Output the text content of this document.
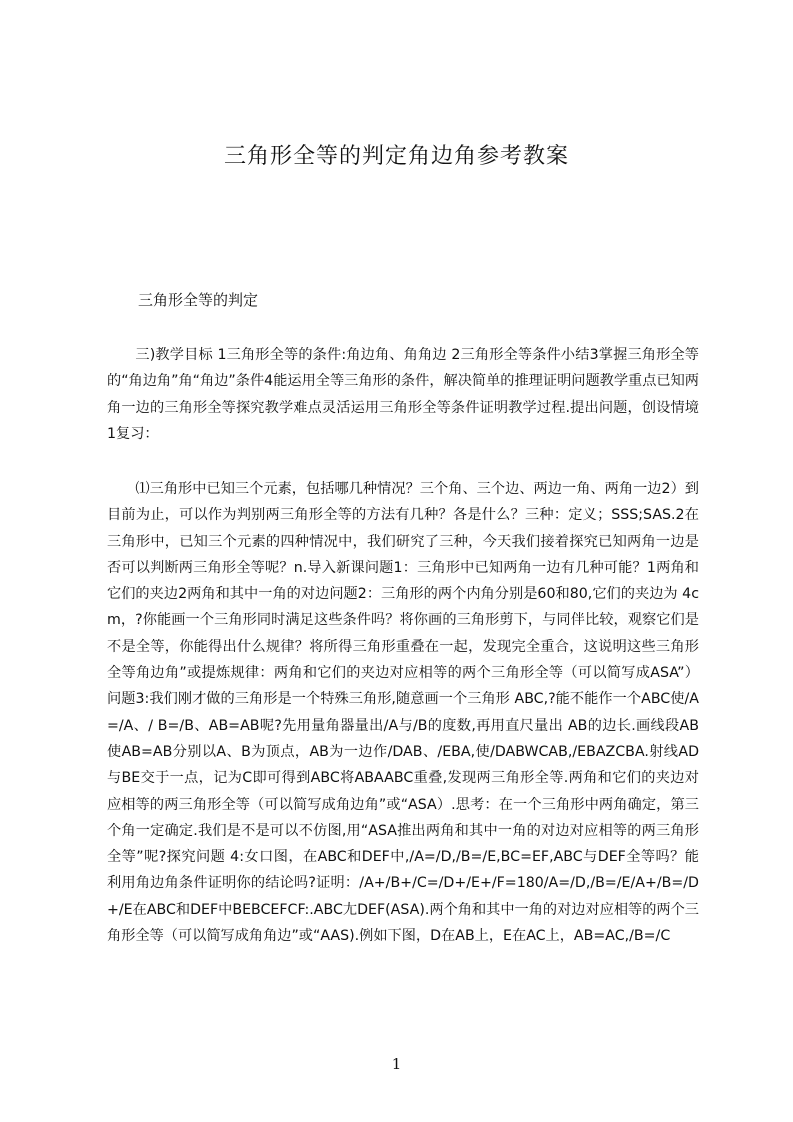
三角形全等的判定角边角参考教案
三角形全等的判定
三)教学目标 1三角形全等的条件:角边角、角角边 2三角形全等条件小结3掌握三角形全等的“角边角”角“角边”条件4能运用全等三角形的条件，解决简单的推理证明问题教学重点已知两角一边的三角形全等探究教学难点灵活运用三角形全等条件证明教学过程.提出问题，创设情境1复习：
⑴三角形中已知三个元素，包括哪几种情况？三个角、三个边、两边一角、两角一边2）到目前为止，可以作为判别两三角形全等的方法有几种？各是什么？三种：定义；SSS;SAS.2在三角形中，已知三个元素的四种情况中，我们研究了三种，今天我们接着探究已知两角一边是否可以判断两三角形全等呢？n.导入新课问题1：三角形中已知两角一边有几种可能？1两角和它们的夹边2两角和其中一角的对边问题2：三角形的两个内角分别是60和80,它们的夹边为 4cm，?你能画一个三角形同时满足这些条件吗？将你画的三角形剪下，与同伴比较，观察它们是不是全等，你能得出什么规律？将所得三角形重叠在一起，发现完全重合，这说明这些三角形全等角边角”或提炼规律：两角和它们的夹边对应相等的两个三角形全等（可以简写成ASA”）问题3:我们刚才做的三角形是一个特殊三角形,随意画一个三角形 ABC,?能不能作一个ABC使/A=/A、/ B=/B、AB=AB呢?先用量角器量出/A与/B的度数,再用直尺量出 AB的边长.画线段AB使AB=AB分别以A、B为顶点，AB为一边作/DAB、/EBA,使/DABWCAB,/EBAZCBA.射线AD与BE交于一点，记为C即可得到ABC将ABAABC重叠,发现两三角形全等.两角和它们的夹边对应相等的两三角形全等（可以简写成角边角”或“ASA）.思考：在一个三角形中两角确定，第三个角一定确定.我们是不是可以不仿图,用“ASA推出两角和其中一角的对边对应相等的两三角形全等”呢?探究问题 4:女口图，在ABC和DEF中,/A=/D,/B=/E,BC=EF,ABC与DEF全等吗？能利用角边角条件证明你的结论吗?证明：/A+/B+/C=/D+/E+/F=180/A=/D,/B=/E/A+/B=/D+/E在ABC和DEF中BEBCEFCF:.ABC尢DEF(ASA).两个角和其中一角的对边对应相等的两个三角形全等（可以简写成角角边”或“AAS).例如下图，D在AB上，E在AC上，AB=AC,/B=/C
1
